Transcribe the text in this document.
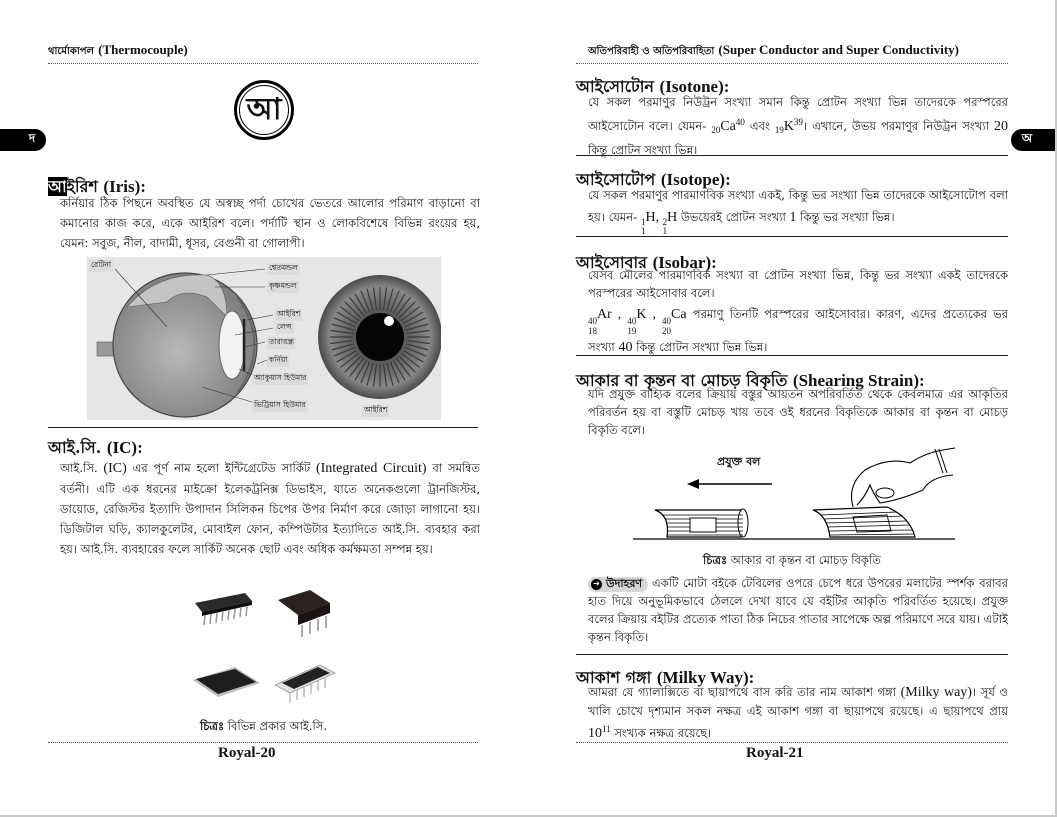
থার্মোকাপল (Thermocouple)
দ
আ
আইরিশ (Iris):
কর্নিয়ার ঠিক পিছনে অবস্থিত যে অস্বচ্ছ পর্দা চোখের ভেতরে আলোর পরিমাণ বাড়ানো বা কমানোর কাজ করে, একে আইরিশ বলে। পর্দাটি স্থান ও লোকবিশেষে বিভিন্ন রংয়ের হয়, যেমন: সবুজ, নীল, বাদামী, ধূসর, বেগুনী বা গোলাপী।
রেটিনা	শ্বেতমন্ডল
কৃষ্ণমন্ডল
আইরিশ
লেন্স
তারারন্ধ্র
কর্নিয়া
অ্যাকুয়াস হিউমার
ভিট্রিয়াস হিউমার
আইরিশ
আই.সি. (IC):
আই.সি. (IC) এর পূর্ণ নাম হলো ইন্টিগ্রেটেড সার্কিট (Integrated Circuit) বা সমন্বিত বর্তনী। এটি এক ধরনের মাইক্রো ইলেকট্রনিক্স ডিভাইস, যাতে অনেকগুলো ট্রানজিস্টর, ডায়োড, রেজিস্টর ইত্যাদি উপাদান সিলিকন চিপের উপর নির্মাণ করে জোড়া লাগানো হয়। ডিজিটাল ঘড়ি, ক্যালকুলেটর, মোবাইল ফোন, কম্পিউটার ইত্যাদিতে আই.সি. ব্যবহার করা হয়। আই.সি. ব্যবহারের ফলে সার্কিট অনেক ছোট এবং অধিক কর্মক্ষমতা সম্পন্ন হয়।
চিত্রঃ বিভিন্ন প্রকার আই.সি.
Royal-20
অতিপরিবাহী ও অতিপরিবাহিতা (Super Conductor and Super Conductivity)
অ
আইসোটোন (Isotone):
যে সকল পরমাণুর নিউট্রন সংখ্যা সমান কিন্তু প্রোটন সংখ্যা ভিন্ন তাদেরকে পরস্পরের আইসোটোন বলে। যেমন- $_{20}Ca^{40}$ এবং $_{19}K^{39}।$ এখানে, উভয় পরমাণুর নিউট্রন সংখ্যা 20 কিন্তু প্রোটন সংখ্যা ভিন্ন।
আইসোটোপ (Isotope):
যে সকল পরমাণুর পারমাণবিক সংখ্যা একই, কিন্তু ভর সংখ্যা ভিন্ন তাদেরকে আইসোটোপ বলা হয়। যেমন- 1
1
H, 2
1
H উভয়েরই প্রোটন সংখ্যা 1 কিন্তু ভর সংখ্যা ভিন্ন।
আইসোবার (Isobar):
যেসব মৌলের পারমাণবিক সংখ্যা বা প্রোটন সংখ্যা ভিন্ন, কিন্তু ভর সংখ্যা একই তাদেরকে পরস্পরের আইসোবার বলে।
40
18
Ar , 40
19
K , 40
20
Ca পরমাণু তিনটি পরস্পরের আইসোবার। কারণ, এদের প্রত্যেকের ভর সংখ্যা 40 কিন্তু প্রোটন সংখ্যা ভিন্ন ভিন্ন।
আকার বা কৃন্তন বা মোচড় বিকৃতি (Shearing Strain):
যদি প্রযুক্ত বাহ্যিক বলের ক্রিয়ায় বস্তুর আয়তন অপরিবর্তিত থেকে কেবলমাত্র এর আকৃতির পরিবর্তন হয় বা বস্তুটি মোচড় খায় তবে ওই ধরনের বিকৃতিকে আকার বা কৃন্তন বা মোচড় বিকৃতি বলে।
প্রযুক্ত বল
চিত্রঃ আকার বা কৃন্তন বা মোচড় বিকৃতি
➜ উদাহরণ একটি মোটা বইকে টেবিলের ওপরে চেপে ধরে উপরের মলাটের স্পর্শক বরাবর হাত দিয়ে অনুভূমিকভাবে ঠেললে দেখা যাবে যে বইটির আকৃতি পরিবর্তিত হয়েছে। প্রযুক্ত বলের ক্রিয়ায় বইটির প্রত্যেক পাতা ঠিক নিচের পাতার সাপেক্ষে অল্প পরিমাণে সরে যায়। এটাই কৃন্তন বিকৃতি।
আকাশ গঙ্গা (Milky Way):
আমরা যে গ্যালাক্সিতে বা ছায়াপথে বাস করি তার নাম আকাশ গঙ্গা (Milky way)। সূর্য ও খালি চোখে দৃশ্যমান সকল নক্ষত্র এই আকাশ গঙ্গা বা ছায়াপথে রয়েছে। এ ছায়াপথে প্রায় $10^{11}$ সংখ্যক নক্ষত্র রয়েছে।
Royal-21
